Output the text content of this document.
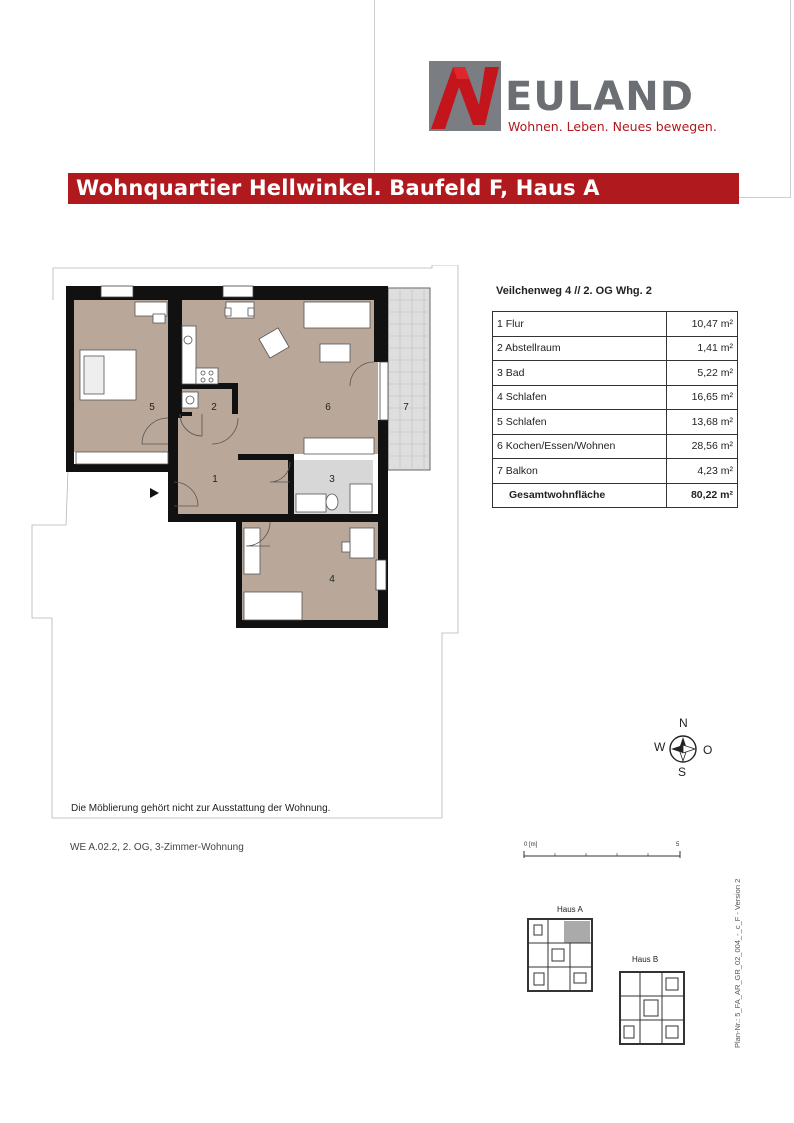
EULAND
Wohnen. Leben. Neues bewegen.
Wohnquartier Hellwinkel. Baufeld F, Haus A
1
2
3
4
5	6	7
Veilchenweg 4 // 2. OG Whg. 2
1 Flur	10,47 m²
2 Abstellraum	1,41 m²
3 Bad	5,22 m²
4 Schlafen	16,65 m²
5 Schlafen	13,68 m²
6 Kochen/Essen/Wohnen	28,56 m²
7 Balkon	4,23 m²
Gesamtwohnfläche	80,22 m²
N
W	O
S
Die Möblierung gehört nicht zur Ausstattung der Wohnung.
WE A.02.2, 2. OG, 3-Zimmer-Wohnung	0 [m]	5
Haus A
Haus B	Plan-Nr.: 5_FA_AR_GR_02_004_-_c_F - Version 2
